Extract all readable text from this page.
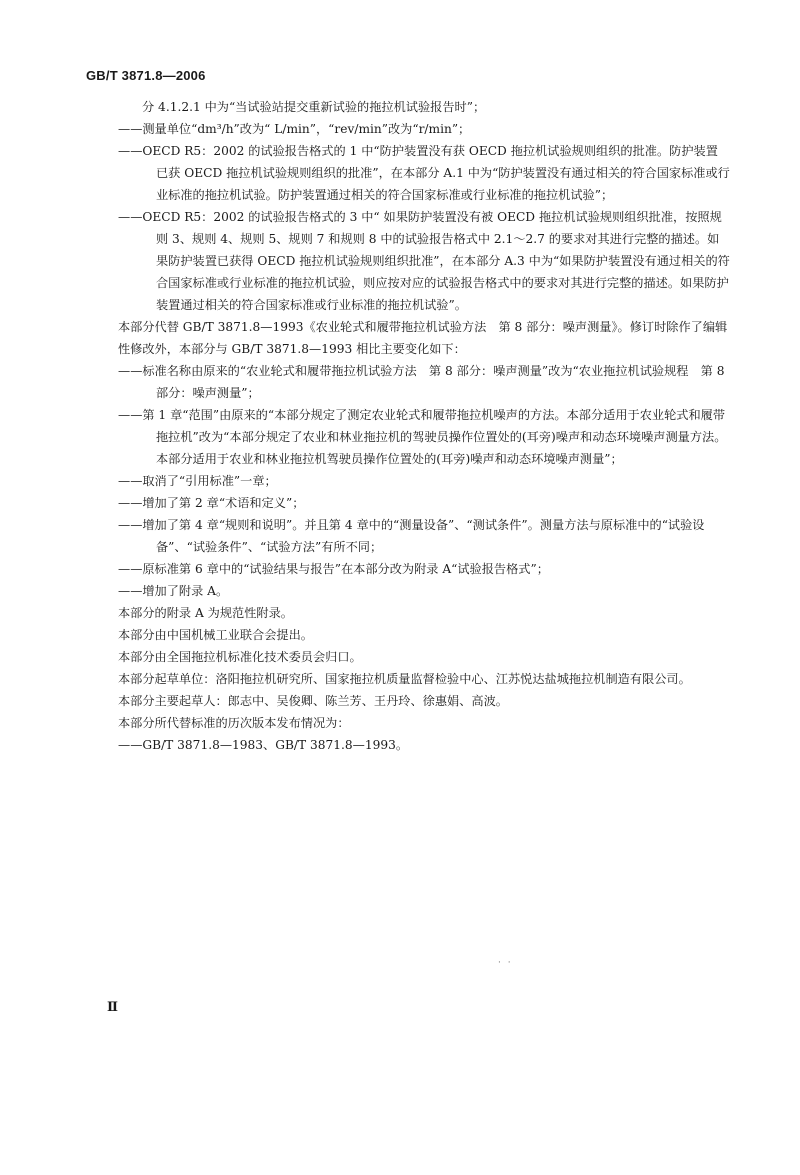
GB/T 3871.8—2006

分 4.1.2.1 中为“当试验站提交重新试验的拖拉机试验报告时”；

——测量单位“dm³/h”改为“ L/min”，“rev/min”改为“r/min”；

——OECD R5：2002 的试验报告格式的 1 中“防护装置没有获 OECD 拖拉机试验规则组织的批准。防护装置已获 OECD 拖拉机试验规则组织的批准”，在本部分 A.1 中为“防护装置没有通过相关的符合国家标准或行业标准的拖拉机试验。防护装置通过相关的符合国家标准或行业标准的拖拉机试验”；

——OECD R5：2002 的试验报告格式的 3 中“ 如果防护装置没有被 OECD 拖拉机试验规则组织批准，按照规则 3、规则 4、规则 5、规则 7 和规则 8 中的试验报告格式中 2.1～2.7 的要求对其进行完整的描述。如果防护装置已获得 OECD 拖拉机试验规则组织批准”，在本部分 A.3 中为“如果防护装置没有通过相关的符合国家标准或行业标准的拖拉机试验，则应按对应的试验报告格式中的要求对其进行完整的描述。如果防护装置通过相关的符合国家标准或行业标准的拖拉机试验”。

本部分代替 GB/T 3871.8—1993《农业轮式和履带拖拉机试验方法　第 8 部分：噪声测量》。修订时除作了编辑性修改外，本部分与 GB/T 3871.8—1993 相比主要变化如下：

——标准名称由原来的“农业轮式和履带拖拉机试验方法　第 8 部分：噪声测量”改为“农业拖拉机试验规程　第 8 部分：噪声测量”；

——第 1 章“范围”由原来的“本部分规定了测定农业轮式和履带拖拉机噪声的方法。本部分适用于农业轮式和履带拖拉机”改为“本部分规定了农业和林业拖拉机的驾驶员操作位置处的(耳旁)噪声和动态环境噪声测量方法。本部分适用于农业和林业拖拉机驾驶员操作位置处的(耳旁)噪声和动态环境噪声测量”；

——取消了“引用标准”一章；

——增加了第 2 章“术语和定义”；

——增加了第 4 章“规则和说明”。并且第 4 章中的“测量设备”、“测试条件”。测量方法与原标准中的“试验设备”、“试验条件”、“试验方法”有所不同；

——原标准第 6 章中的“试验结果与报告”在本部分改为附录 A“试验报告格式”；

——增加了附录 A。

本部分的附录 A 为规范性附录。

本部分由中国机械工业联合会提出。

本部分由全国拖拉机标准化技术委员会归口。

本部分起草单位：洛阳拖拉机研究所、国家拖拉机质量监督检验中心、江苏悦达盐城拖拉机制造有限公司。

本部分主要起草人：郎志中、吴俊卿、陈兰芳、王丹玲、徐惠娟、高波。

本部分所代替标准的历次版本发布情况为：

——GB/T 3871.8—1983、GB/T 3871.8—1993。

· ·
Ⅱ
